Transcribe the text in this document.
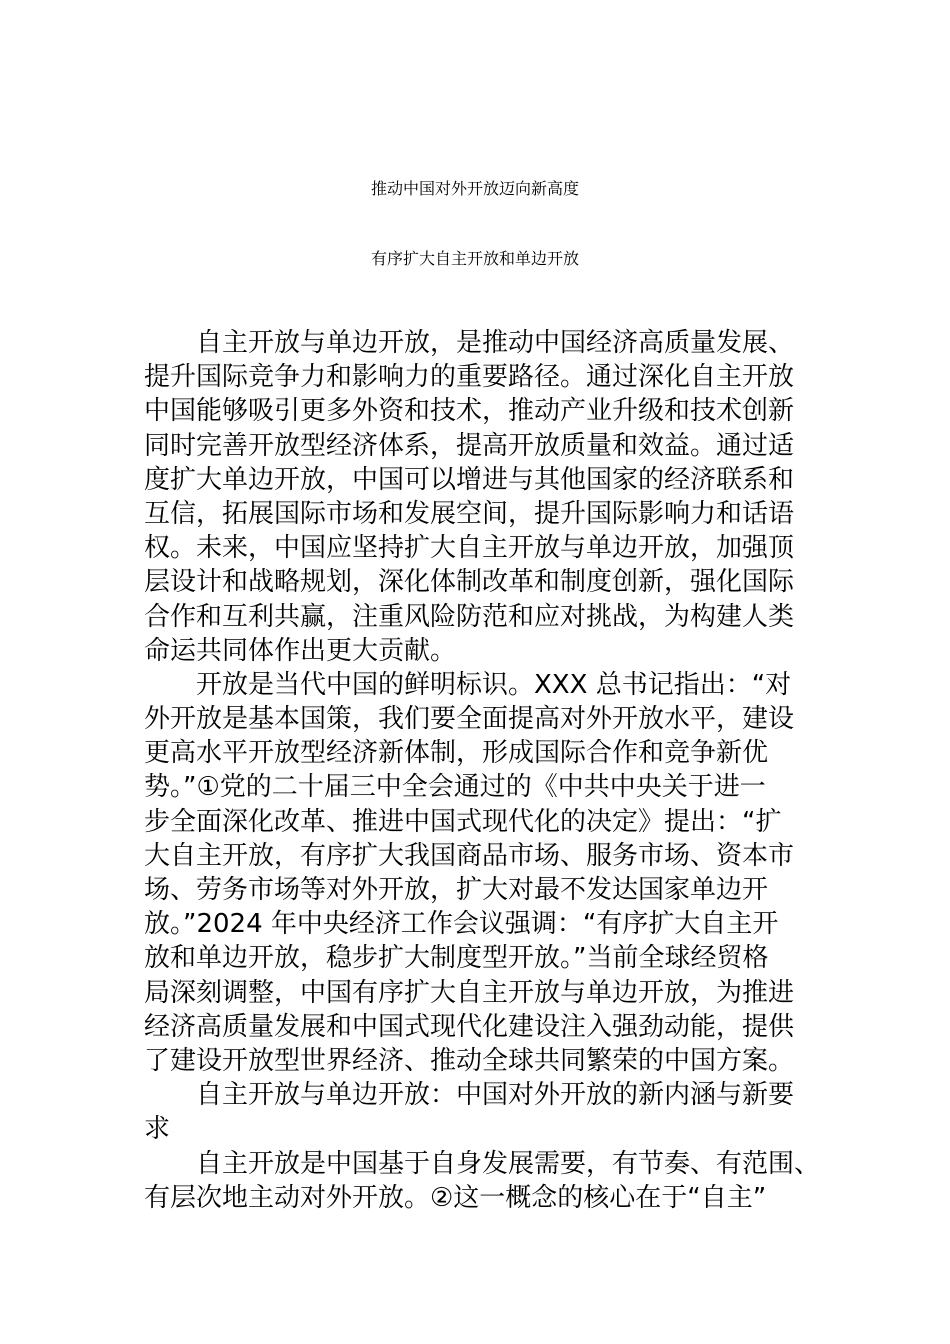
推动中国对外开放迈向新高度
有序扩大自主开放和单边开放
自主开放与单边开放，是推动中国经济高质量发展、
提升国际竞争力和影响力的重要路径。通过深化自主开放
中国能够吸引更多外资和技术，推动产业升级和技术创新
同时完善开放型经济体系，提高开放质量和效益。通过适
度扩大单边开放，中国可以增进与其他国家的经济联系和
互信，拓展国际市场和发展空间，提升国际影响力和话语
权。未来，中国应坚持扩大自主开放与单边开放，加强顶
层设计和战略规划，深化体制改革和制度创新，强化国际
合作和互利共赢，注重风险防范和应对挑战，为构建人类
命运共同体作出更大贡献。
开放是当代中国的鲜明标识。XXX 总书记指出：“对
外开放是基本国策，我们要全面提高对外开放水平，建设
更高水平开放型经济新体制，形成国际合作和竞争新优
势。”①党的二十届三中全会通过的《中共中央关于进一
步全面深化改革、推进中国式现代化的决定》提出：“扩
大自主开放，有序扩大我国商品市场、服务市场、资本市
场、劳务市场等对外开放，扩大对最不发达国家单边开
放。”2024 年中央经济工作会议强调：“有序扩大自主开
放和单边开放，稳步扩大制度型开放。”当前全球经贸格
局深刻调整，中国有序扩大自主开放与单边开放，为推进
经济高质量发展和中国式现代化建设注入强劲动能，提供
了建设开放型世界经济、推动全球共同繁荣的中国方案。
自主开放与单边开放：中国对外开放的新内涵与新要
求
自主开放是中国基于自身发展需要，有节奏、有范围、
有层次地主动对外开放。②这一概念的核心在于“自主”
